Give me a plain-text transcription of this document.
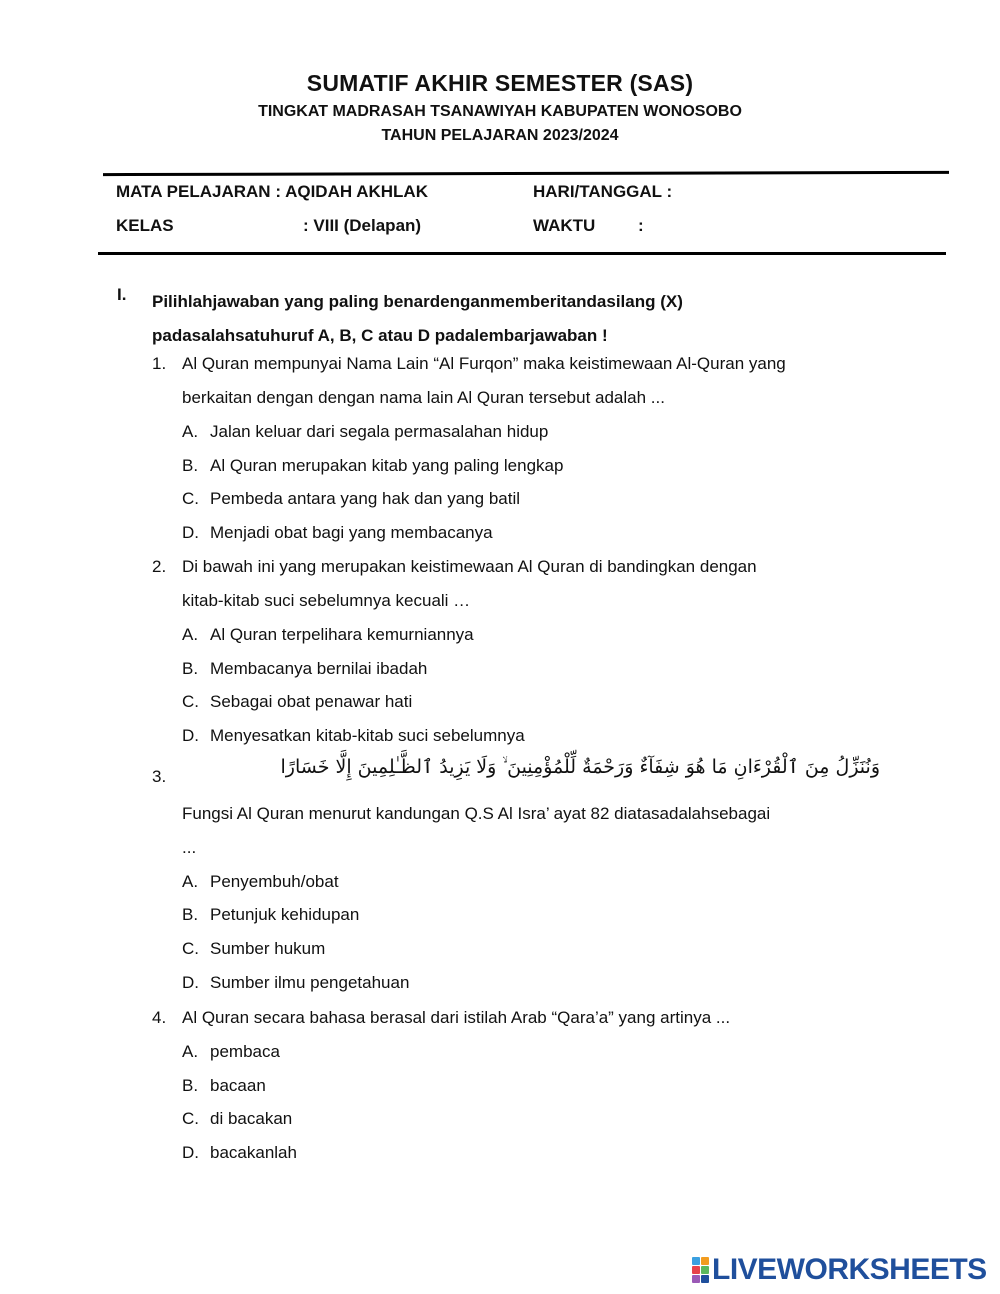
SUMATIF AKHIR SEMESTER (SAS)
TINGKAT MADRASAH TSANAWIYAH KABUPATEN WONOSOBO
TAHUN PELAJARAN 2023/2024
MATA PELAJARAN : AQIDAH AKHLAK	HARI/TANGGAL :
KELAS	: VIII (Delapan)	WAKTU	:
I. Pilihlahjawaban yang paling benardenganmemberitandasilang (X)
padasalahsatuhuruf A, B, C atau D padalembarjawaban !
1. Al Quran mempunyai Nama Lain “Al Furqon” maka keistimewaan Al-Quran yang
berkaitan dengan dengan nama lain Al Quran tersebut adalah ...
A. Jalan keluar dari segala permasalahan hidup
B. Al Quran merupakan kitab yang paling lengkap
C. Pembeda antara yang hak dan yang batil
D. Menjadi obat bagi yang membacanya
2. Di bawah ini yang merupakan keistimewaan Al Quran di bandingkan dengan
kitab-kitab suci sebelumnya kecuali …
A. Al Quran terpelihara kemurniannya
B. Membacanya bernilai ibadah
C. Sebagai obat penawar hati
D. Menyesatkan kitab-kitab suci sebelumnya
3.	وَنُنَزِّلُ مِنَ ٱلْقُرْءَانِ مَا هُوَ شِفَآءٌ وَرَحْمَةٌ لِّلْمُؤْمِنِينَ ۙ وَلَا يَزِيدُ ٱلظَّـٰلِمِينَ إِلَّا خَسَارًا
Fungsi Al Quran menurut kandungan Q.S Al Isra’ ayat 82 diatasadalahsebagai
...
A. Penyembuh/obat
B. Petunjuk kehidupan
C. Sumber hukum
D. Sumber ilmu pengetahuan
4. Al Quran secara bahasa berasal dari istilah Arab “Qara’a” yang artinya ...
A. pembaca
B. bacaan
C. di bacakan
D. bacakanlah
LIVEWORKSHEETS
